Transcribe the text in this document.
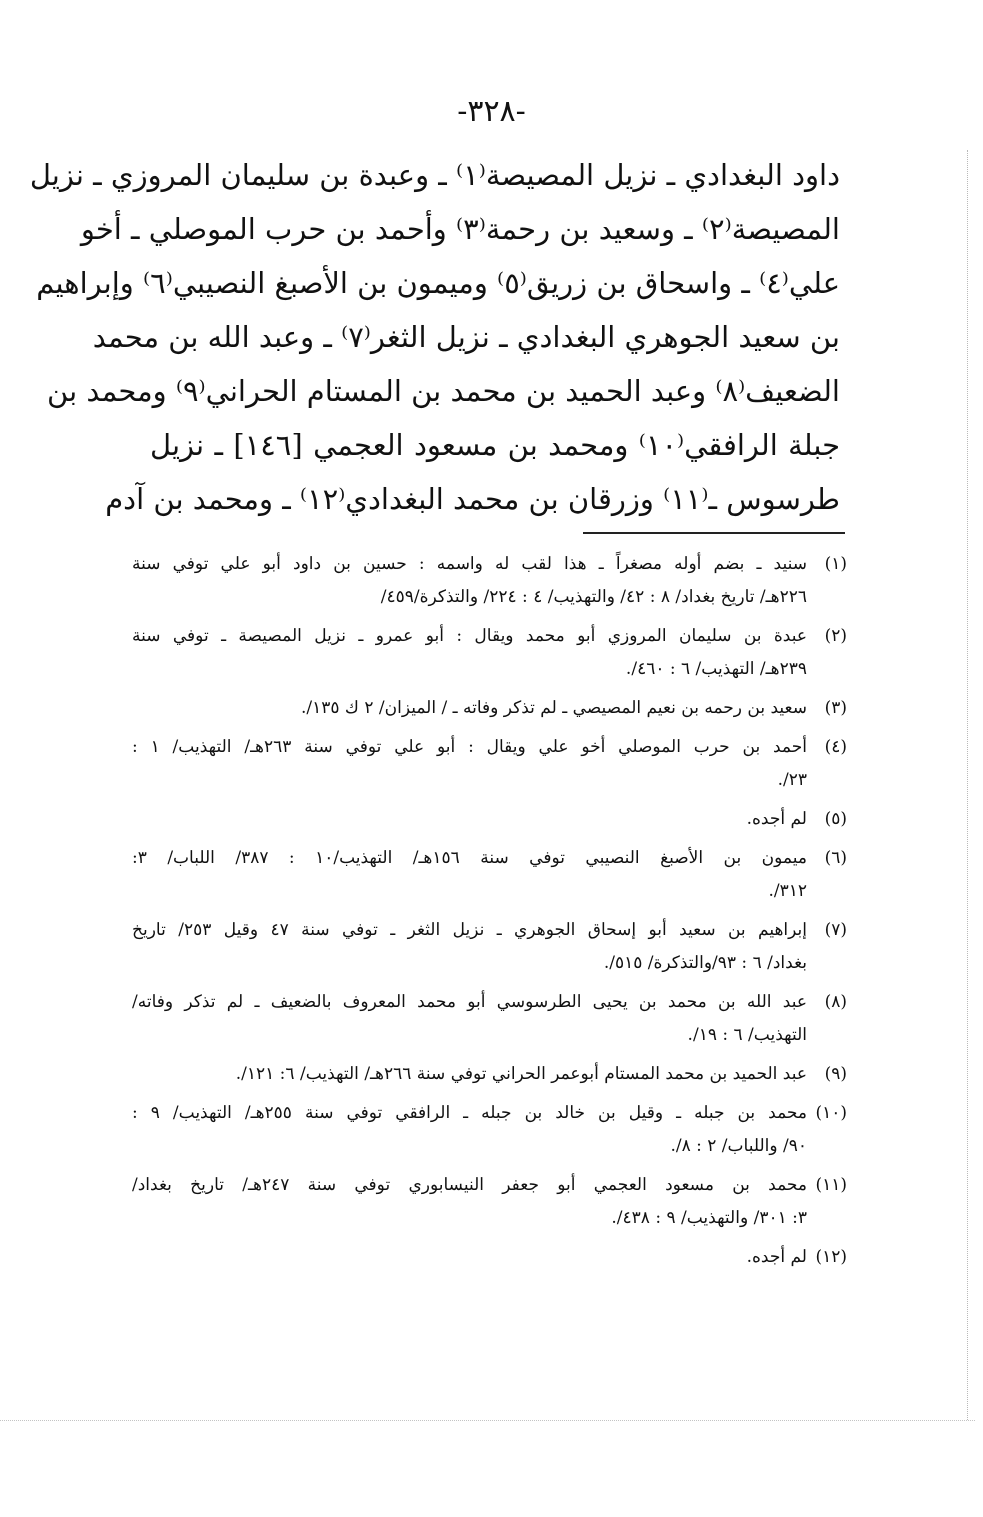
-٣٢٨-
داود البغدادي ـ نزيل المصيصة⁽١⁾ ـ وعبدة بن سليمان المروزي ـ نزيل
المصيصة⁽٢⁾ ـ وسعيد بن رحمة⁽٣⁾ وأحمد بن حرب الموصلي ـ أخو
علي⁽٤⁾ ـ واسحاق بن زريق⁽٥⁾ وميمون بن الأصبغ النصيبي⁽٦⁾ وإبراهيم
بن سعيد الجوهري البغدادي ـ نزيل الثغر⁽٧⁾ ـ وعبد الله بن محمد
الضعيف⁽٨⁾ وعبد الحميد بن محمد بن المستام الحراني⁽٩⁾ ومحمد بن
جبلة الرافقي⁽١٠⁾ ومحمد بن مسعود العجمي [١٤٦] ـ نزيل
طرسوس ـ⁽١١⁾ وزرقان بن محمد البغدادي⁽١٢⁾ ـ ومحمد بن آدم
(١)
سنيد ـ بضم أوله مصغراً ـ هذا لقب له واسمه : حسين بن داود أبو علي توفي سنة
٢٢٦هـ/ تاريخ بغداد/ ٨ : ٤٢/ والتهذيب/ ٤ : ٢٢٤/ والتذكرة/٤٥٩/
(٢)
عبدة بن سليمان المروزي أبو محمد ويقال : أبو عمرو ـ نزيل المصيصة ـ توفي سنة
٢٣٩هـ/ التهذيب/ ٦ : ٤٦٠/.
(٣)
سعيد بن رحمه بن نعيم المصيصي ـ لم تذكر وفاته ـ / الميزان/ ٢ ك ١٣٥/.
(٤)
أحمد بن حرب الموصلي أخو علي ويقال : أبو علي توفي سنة ٢٦٣هـ/ التهذيب/ ١ :
٢٣/.
(٥)
لم أجده.
(٦)
ميمون بن الأصبغ النصيبي توفي سنة ١٥٦هـ/ التهذيب/١٠ : ٣٨٧/ اللباب/ ٣:
٣١٢/.
(٧)
إبراهيم بن سعيد أبو إسحاق الجوهري ـ نزيل الثغر ـ توفي سنة ٤٧ وقيل ٢٥٣/ تاريخ
بغداد/ ٦ : ٩٣/والتذكرة/ ٥١٥/.
(٨)
عبد الله بن محمد بن يحيى الطرسوسي أبو محمد المعروف بالضعيف ـ لم تذكر وفاته/
التهذيب/ ٦ : ١٩/.
(٩)
عبد الحميد بن محمد المستام أبوعمر الحراني توفي سنة ٢٦٦هـ/ التهذيب/ ٦: ١٢١/.
(١٠)
محمد بن جبله ـ وقيل بن خالد بن جبله ـ الرافقي توفي سنة ٢٥٥هـ/ التهذيب/ ٩ :
٩٠/ واللباب/ ٢ : ٨/.
(١١)
محمد بن مسعود العجمي أبو جعفر النيسابوري توفي سنة ٢٤٧هـ/ تاريخ بغداد/
٣: ٣٠١/ والتهذيب/ ٩ : ٤٣٨/.
(١٢)
لم أجده.
